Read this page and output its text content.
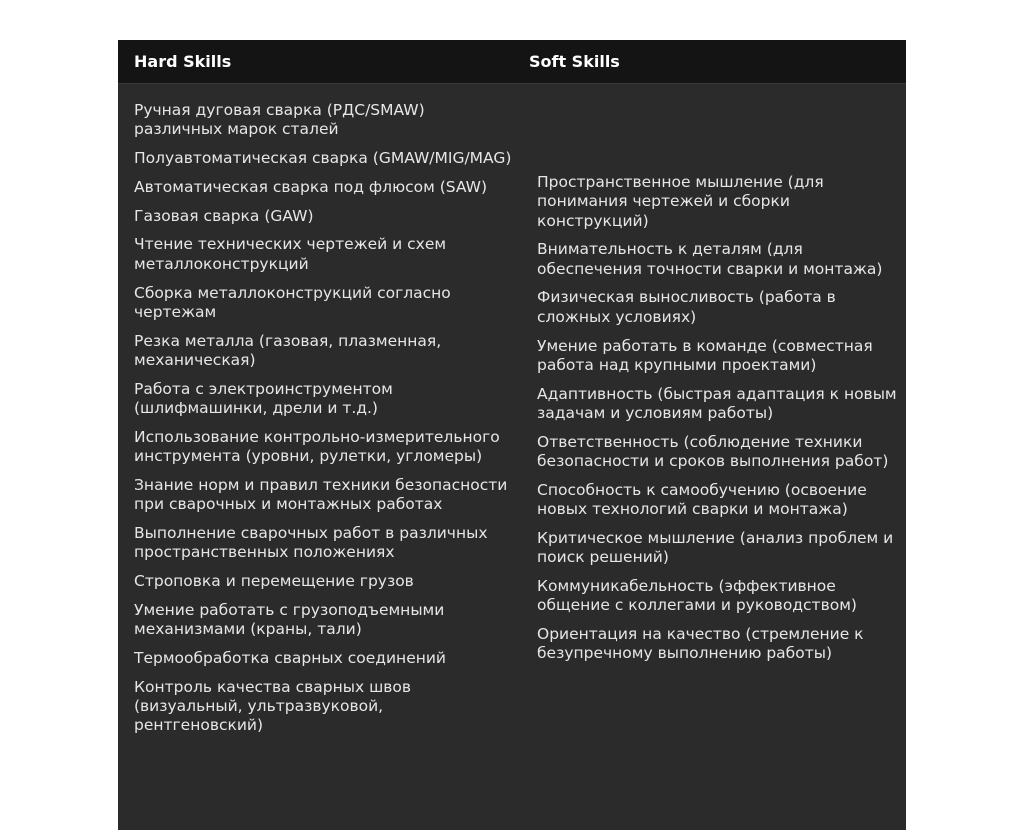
Hard Skills	Soft Skills
Ручная дуговая сварка (РДС/SMAW) различных марок сталей
Полуавтоматическая сварка (GMAW/MIG/MAG)
Автоматическая сварка под флюсом (SAW)
Газовая сварка (GAW)
Чтение технических чертежей и схем металлоконструкций
Сборка металлоконструкций согласно чертежам
Резка металла (газовая, плазменная, механическая)
Работа с электроинструментом (шлифмашинки, дрели и т.д.)
Использование контрольно-измерительного инструмента (уровни, рулетки, угломеры)
Знание норм и правил техники безопасности при сварочных и монтажных работах
Выполнение сварочных работ в различных пространственных положениях
Строповка и перемещение грузов
Умение работать с грузоподъемными механизмами (краны, тали)
Термообработка сварных соединений
Контроль качества сварных швов (визуальный, ультразвуковой, рентгеновский)
Пространственное мышление (для понимания чертежей и сборки конструкций)
Внимательность к деталям (для обеспечения точности сварки и монтажа)
Физическая выносливость (работа в сложных условиях)
Умение работать в команде (совместная работа над крупными проектами)
Адаптивность (быстрая адаптация к новым задачам и условиям работы)
Ответственность (соблюдение техники безопасности и сроков выполнения работ)
Способность к самообучению (освоение новых технологий сварки и монтажа)
Критическое мышление (анализ проблем и поиск решений)
Коммуникабельность (эффективное общение с коллегами и руководством)
Ориентация на качество (стремление к безупречному выполнению работы)
